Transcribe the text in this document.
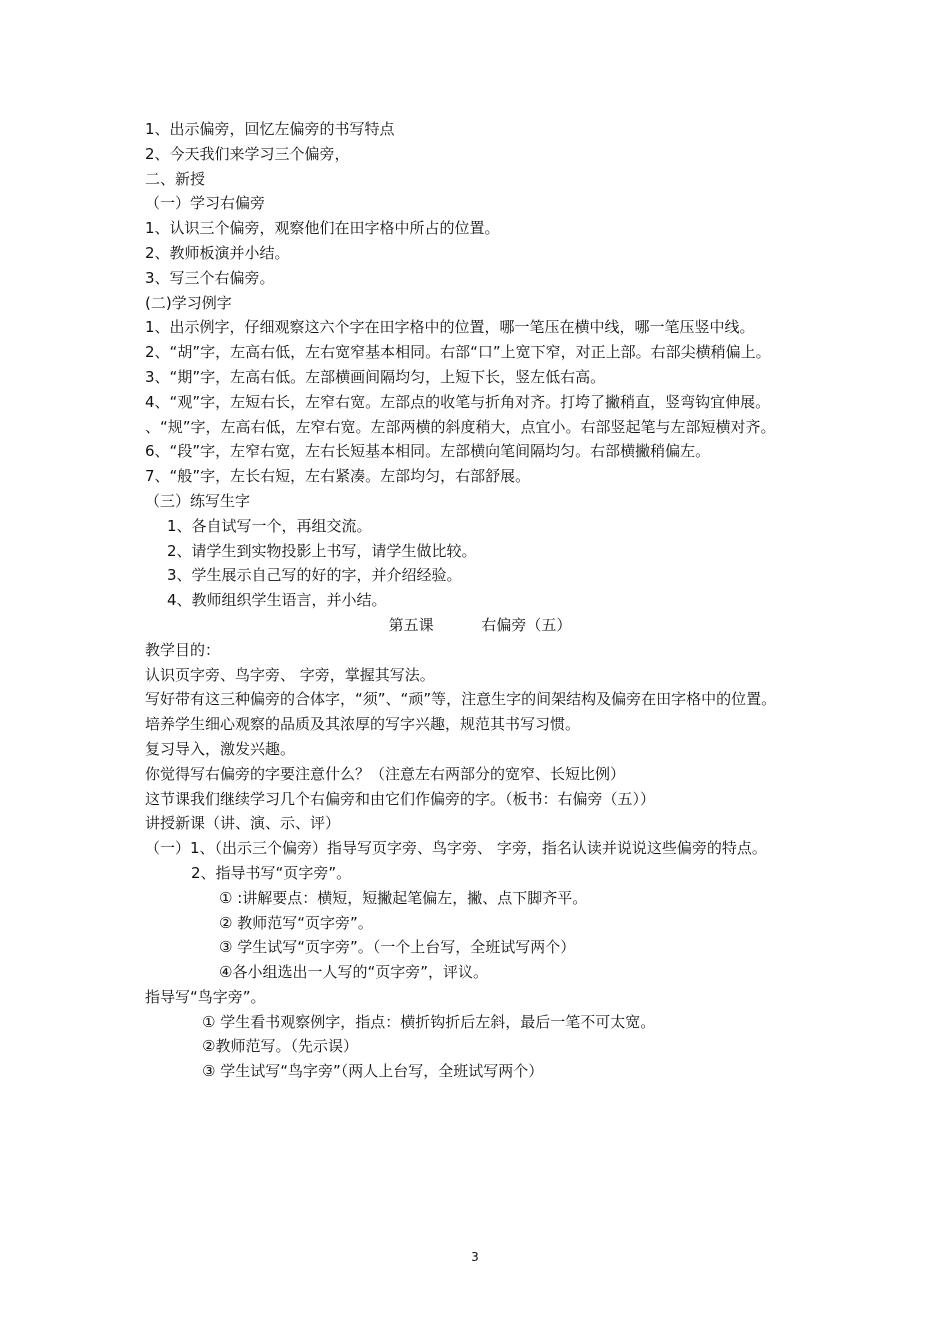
1、出示偏旁，回忆左偏旁的书写特点

2、今天我们来学习三个偏旁，

二、新授

（一）学习右偏旁

1、认识三个偏旁，观察他们在田字格中所占的位置。

2、教师板演并小结。

3、写三个右偏旁。

(二)学习例字

1、出示例字，仔细观察这六个字在田字格中的位置，哪一笔压在横中线，哪一笔压竖中线。

2、“胡”字，左高右低，左右宽窄基本相同。右部“口”上宽下窄，对正上部。右部尖横稍偏上。

3、“期”字，左高右低。左部横画间隔均匀，上短下长，竖左低右高。

4、“观”字，左短右长，左窄右宽。左部点的收笔与折角对齐。打垮了撇稍直，竖弯钩宜伸展。

、“规”字，左高右低，左窄右宽。左部两横的斜度稍大，点宜小。右部竖起笔与左部短横对齐。

6、“段”字，左窄右宽，左右长短基本相同。左部横向笔间隔均匀。右部横撇稍偏左。

7、“般”字，左长右短，左右紧凑。左部均匀，右部舒展。

（三）练写生字

1、各自试写一个，再组交流。

2、请学生到实物投影上书写，请学生做比较。

3、学生展示自己写的好的字，并介绍经验。

4、教师组织学生语言，并小结。

第五课	右偏旁（五）

教学目的：

认识页字旁、鸟字旁、 字旁，掌握其写法。

写好带有这三种偏旁的合体字，“须”、“顽”等，注意生字的间架结构及偏旁在田字格中的位置。

培养学生细心观察的品质及其浓厚的写字兴趣，规范其书写习惯。

复习导入，激发兴趣。

你觉得写右偏旁的字要注意什么？（注意左右两部分的宽窄、长短比例）

这节课我们继续学习几个右偏旁和由它们作偏旁的字。（板书：右偏旁（五））

讲授新课（讲、演、示、评）

（一）1、（出示三个偏旁）指导写页字旁、鸟字旁、 字旁，指名认读并说说这些偏旁的特点。

2、指导书写“页字旁”。

① :讲解要点：横短，短撇起笔偏左，撇、点下脚齐平。

② 教师范写“页字旁”。

③ 学生试写“页字旁”。（一个上台写，全班试写两个）

④各小组选出一人写的“页字旁”，评议。

指导写“鸟字旁”。

① 学生看书观察例字，指点：横折钩折后左斜，最后一笔不可太宽。

②教师范写。（先示误）

③ 学生试写“鸟字旁”（两人上台写，全班试写两个）

3
